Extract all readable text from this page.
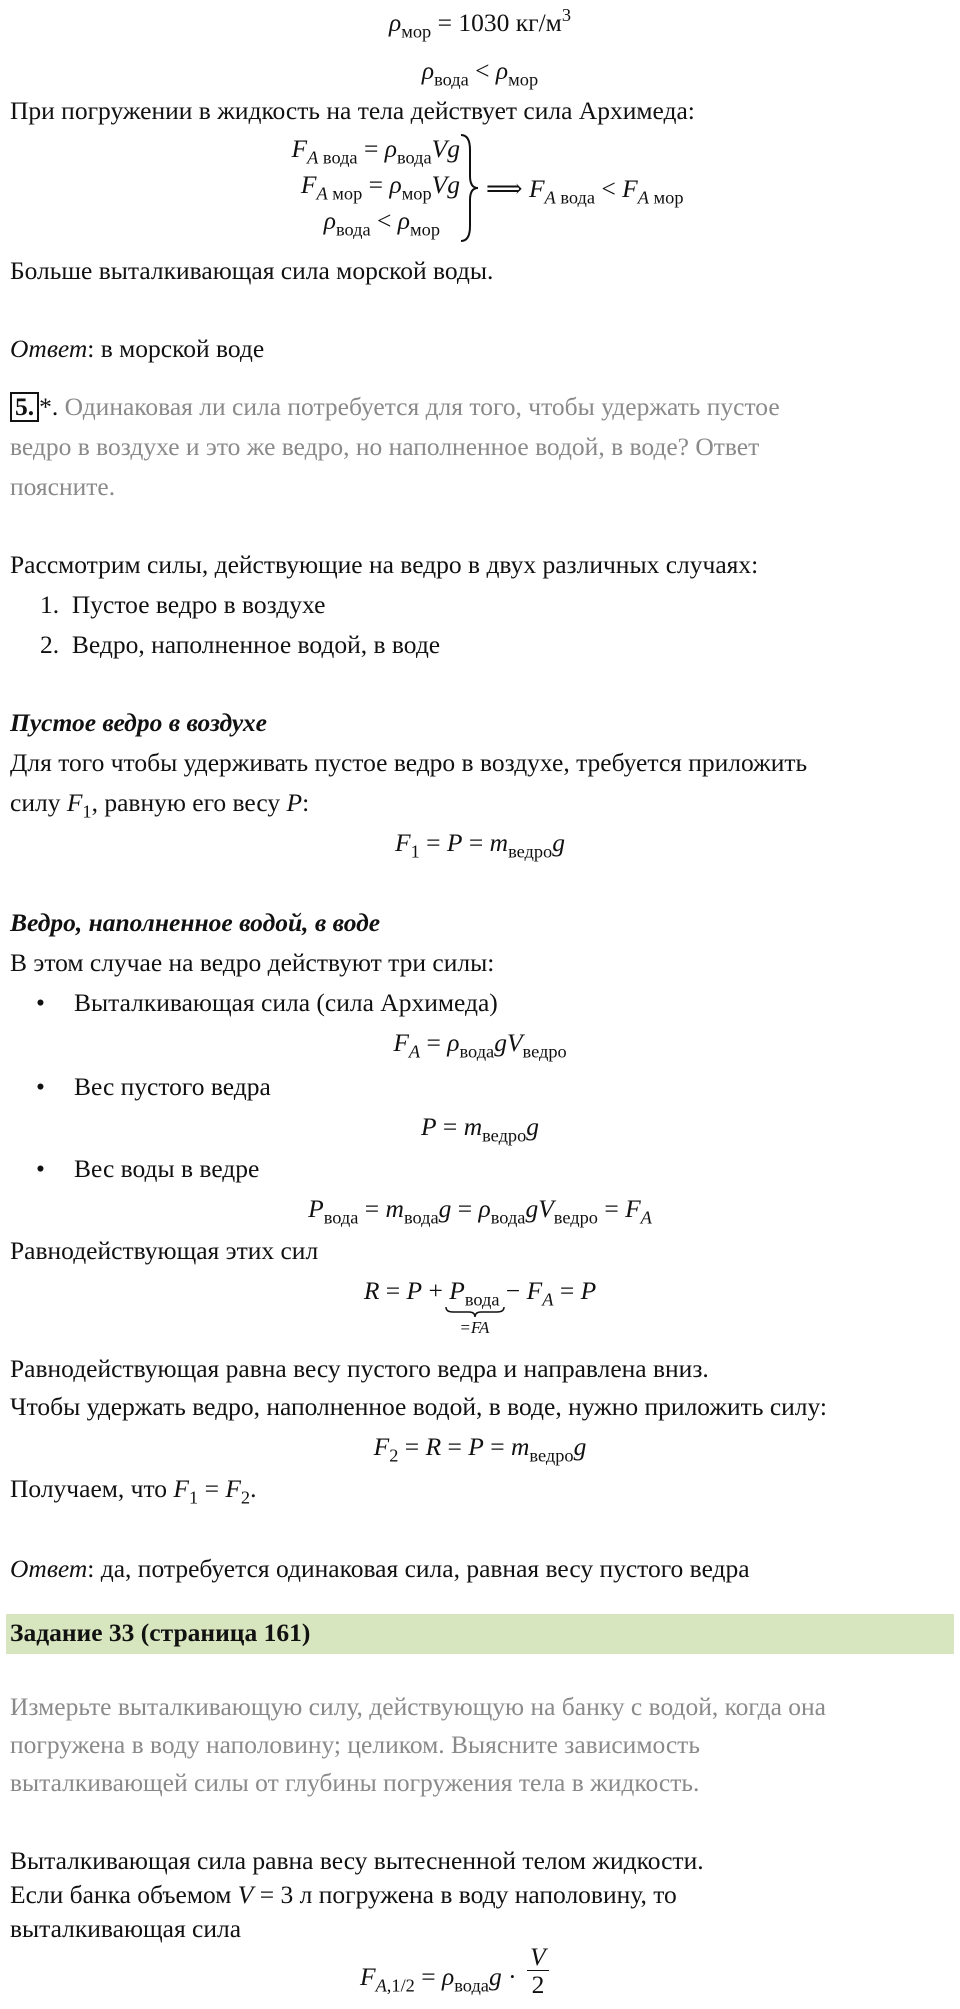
$\rho_{мор} = 1030$ $кг/м^3$
$\rho_{вода} < \rho_{мор}$
При погружении в жидкость на тела действует сила Архимеда:
$F_{A вода} = \rho_{вода}Vg$
$F_{A мор} = \rho_{мор}Vg$
$\rho_{вода} < \rho_{мор}$
⟹ $F_{A вода} < F_{A мор}$
Больше выталкивающая сила морской воды.
Ответ: в морской воде
5. *. Одинаковая ли сила потребуется для того, чтобы удержать пустое
ведро в воздухе и это же ведро, но наполненное водой, в воде? Ответ
поясните.
Рассмотрим силы, действующие на ведро в двух различных случаях:
1.  Пустое ведро в воздухе
2.  Ведро, наполненное водой, в воде
Пустое ведро в воздухе
Для того чтобы удерживать пустое ведро в воздухе, требуется приложить
силу $F_1$, равную его весу P:
$F_1 = P = m_{ведро}g$
Ведро, наполненное водой, в воде
В этом случае на ведро действуют три силы:
• Выталкивающая сила (сила Архимеда)
$F_A = \rho_{вода}gV_{ведро}$
• Вес пустого ведра
$P = m_{ведро}g$
• Вес воды в ведре
$P_{вода} = m_{вода}g = \rho_{вода}gV_{ведро} = F_A$
Равнодействующая этих сил
$R = P + P_{вода}$
=FA
− $F_A = P$
Равнодействующая равна весу пустого ведра и направлена вниз.
Чтобы удержать ведро, наполненное водой, в воде, нужно приложить силу:
$F_2 = R = P = m_{ведро}g$
Получаем, что $F_1 = F_2$.
Ответ: да, потребуется одинаковая сила, равная весу пустого ведра
Задание 33 (страница 161)
Измерьте выталкивающую силу, действующую на банку с водой, когда она
погружена в воду наполовину; целиком. Выясните зависимость
выталкивающей силы от глубины погружения тела в жидкость.
Выталкивающая сила равна весу вытесненной телом жидкости.
Если банка объемом V = 3 л погружена в воду наполовину, то
выталкивающая сила
$F_{A,1/2} = \rho_{вода}g \cdot \frac{V}{2}$
